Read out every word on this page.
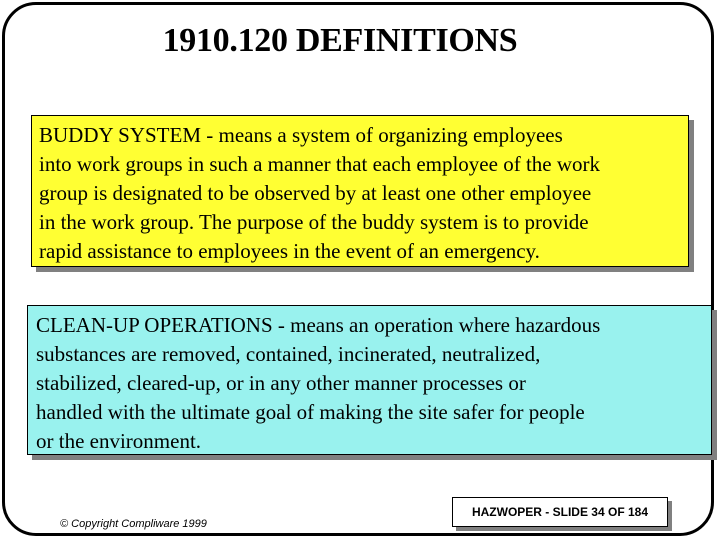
1910.120 DEFINITIONS
BUDDY SYSTEM - means a system of organizing employees
into work groups in such a manner that each employee of the work
group is designated to be observed by at least one other employee
in the work group. The purpose of the buddy system is to provide
rapid assistance to employees in the event of an emergency.
CLEAN-UP OPERATIONS - means an operation where hazardous
substances are removed, contained, incinerated, neutralized,
stabilized, cleared-up, or in any other manner processes or
handled with the ultimate goal of making the site safer for people
or the environment.
HAZWOPER - SLIDE 34 OF 184
© Copyright Compliware 1999
